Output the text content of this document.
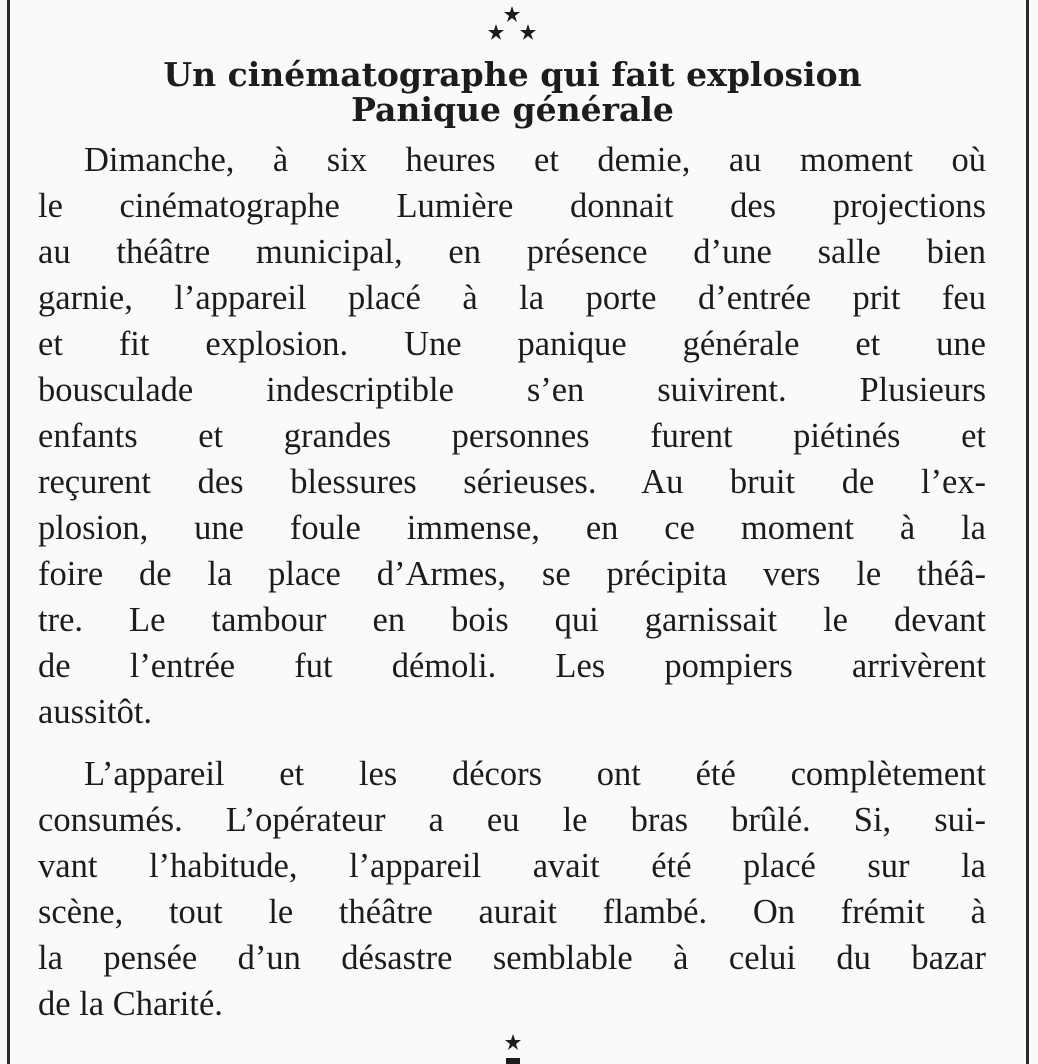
Un cinématographe qui fait explosion
Panique générale

Dimanche, à six heures et demie, au moment où

le cinématographe Lumière donnait des projections

au théâtre municipal, en présence d’une salle bien

garnie, l’appareil placé à la porte d’entrée prit feu

et fit explosion. Une panique générale et une

bousculade indescriptible s’en suivirent. Plusieurs

enfants et grandes personnes furent piétinés et

reçurent des blessures sérieuses. Au bruit de l’ex-

plosion, une foule immense, en ce moment à la

foire de la place d’Armes, se précipita vers le théâ-

tre. Le tambour en bois qui garnissait le devant

de l’entrée fut démoli. Les pompiers arrivèrent

aussitôt.

L’appareil et les décors ont été complètement

consumés. L’opérateur a eu le bras brûlé. Si, sui-

vant l’habitude, l’appareil avait été placé sur la

scène, tout le théâtre aurait flambé. On frémit à

la pensée d’un désastre semblable à celui du bazar

de la Charité.
